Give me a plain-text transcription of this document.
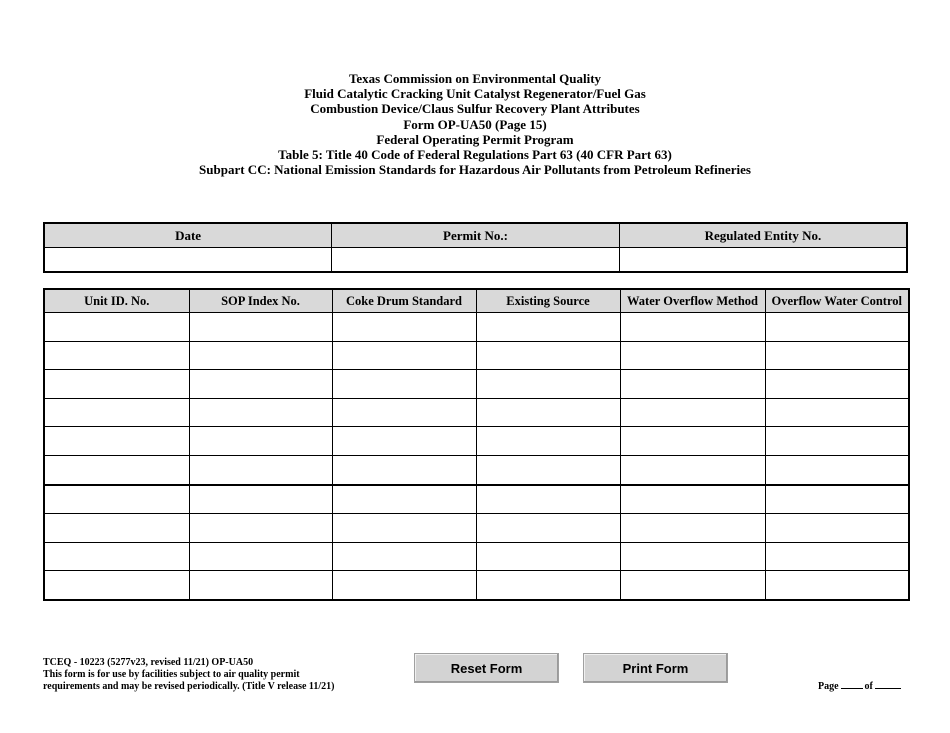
Texas Commission on Environmental Quality
Fluid Catalytic Cracking Unit Catalyst Regenerator/Fuel Gas
Combustion Device/Claus Sulfur Recovery Plant Attributes
Form OP-UA50 (Page 15)
Federal Operating Permit Program
Table 5: Title 40 Code of Federal Regulations Part 63 (40 CFR Part 63)
Subpart CC: National Emission Standards for Hazardous Air Pollutants from Petroleum Refineries
Date	Permit No.:	Regulated Entity No.

Unit ID. No.	SOP Index No.	Coke Drum Standard	Existing Source	Water Overflow Method	Overflow Water Control

TCEQ - 10223 (5277v23, revised 11/21) OP-UA50
This form is for use by facilities subject to air quality permit
requirements and may be revised periodically. (Title V release 11/21)
Reset Form	Print Form
Page	of
